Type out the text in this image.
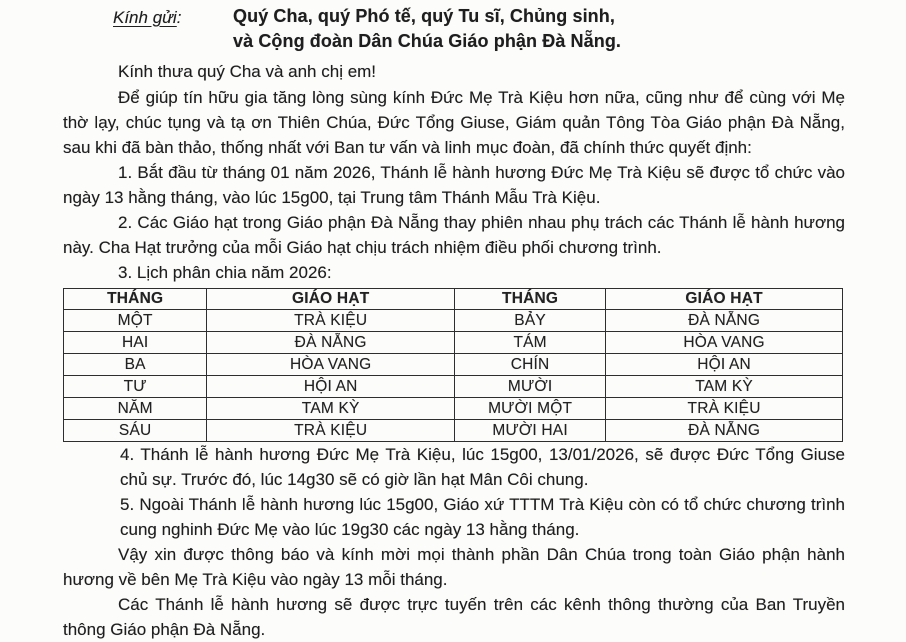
Kính gửi:	Quý Cha, quý Phó tế, quý Tu sĩ, Chủng sinh,
và Cộng đoàn Dân Chúa Giáo phận Đà Nẵng.

Kính thưa quý Cha và anh chị em!

Để giúp tín hữu gia tăng lòng sùng kính Đức Mẹ Trà Kiệu hơn nữa, cũng như để cùng với Mẹ thờ lạy, chúc tụng và tạ ơn Thiên Chúa, Đức Tổng Giuse, Giám quản Tông Tòa Giáo phận Đà Nẵng, sau khi đã bàn thảo, thống nhất với Ban tư vấn và linh mục đoàn, đã chính thức quyết định:

1. Bắt đầu từ tháng 01 năm 2026, Thánh lễ hành hương Đức Mẹ Trà Kiệu sẽ được tổ chức vào ngày 13 hằng tháng, vào lúc 15g00, tại Trung tâm Thánh Mẫu Trà Kiệu.

2. Các Giáo hạt trong Giáo phận Đà Nẵng thay phiên nhau phụ trách các Thánh lễ hành hương này. Cha Hạt trưởng của mỗi Giáo hạt chịu trách nhiệm điều phối chương trình.

3. Lịch phân chia năm 2026:

THÁNG	GIÁO HẠT	THÁNG	GIÁO HẠT
MỘT	TRÀ KIỆU	BẢY	ĐÀ NẴNG
HAI	ĐÀ NẴNG	TÁM	HÒA VANG
BA	HÒA VANG	CHÍN	HỘI AN
TƯ	HỘI AN	MƯỜI	TAM KỲ
NĂM	TAM KỲ	MƯỜI MỘT	TRÀ KIỆU
SÁU	TRÀ KIỆU	MƯỜI HAI	ĐÀ NẴNG

4. Thánh lễ hành hương Đức Mẹ Trà Kiệu, lúc 15g00, 13/01/2026, sẽ được Đức Tổng Giuse chủ sự. Trước đó, lúc 14g30 sẽ có giờ lần hạt Mân Côi chung.

5. Ngoài Thánh lễ hành hương lúc 15g00, Giáo xứ TTTM Trà Kiệu còn có tổ chức chương trình cung nghinh Đức Mẹ vào lúc 19g30 các ngày 13 hằng tháng.

Vậy xin được thông báo và kính mời mọi thành phần Dân Chúa trong toàn Giáo phận hành hương về bên Mẹ Trà Kiệu vào ngày 13 mỗi tháng.

Các Thánh lễ hành hương sẽ được trực tuyến trên các kênh thông thường của Ban Truyền thông Giáo phận Đà Nẵng.
